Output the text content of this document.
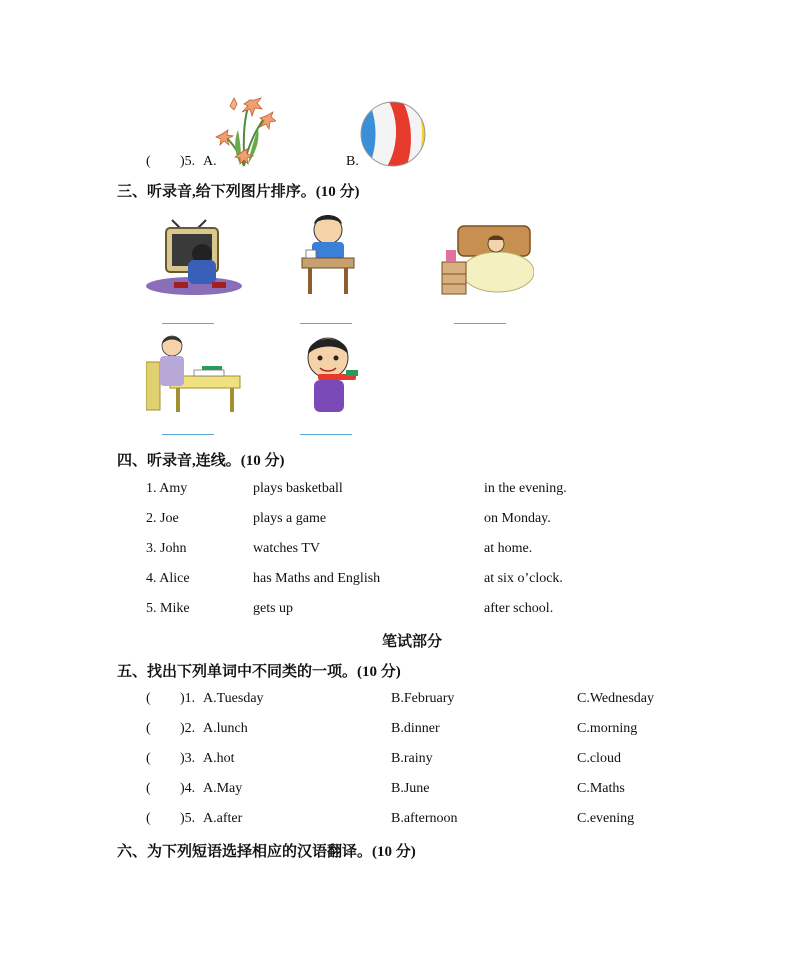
( )5. A.	B.
三、听录音,给下列图片排序。(10 分)
四、听录音,连线。(10 分)
1. Amy	plays basketball	in the evening.
2. Joe	plays a game	on Monday.
3. John	watches TV	at home.
4. Alice	has Maths and English	at six o’clock.
5. Mike	gets up	after school.
笔试部分
五、找出下列单词中不同类的一项。(10 分)
( )1. A.Tuesday	B.February	C.Wednesday
( )2. A.lunch	B.dinner	C.morning
( )3. A.hot	B.rainy	C.cloud
( )4. A.May	B.June	C.Maths
( )5. A.after	B.afternoon	C.evening
六、为下列短语选择相应的汉语翻译。(10 分)
